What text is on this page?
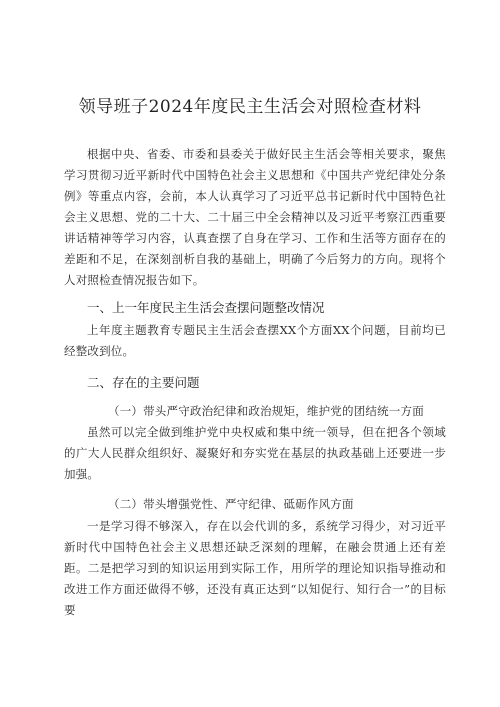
领导班子2024年度民主生活会对照检查材料

根据中央、省委、市委和县委关于做好民主生活会等相关要求，聚焦学习贯彻习近平新时代中国特色社会主义思想和《中国共产党纪律处分条例》等重点内容，会前，本人认真学习了习近平总书记新时代中国特色社会主义思想、党的二十大、二十届三中全会精神以及习近平考察江西重要讲话精神等学习内容，认真查摆了自身在学习、工作和生活等方面存在的差距和不足，在深刻剖析自我的基础上，明确了今后努力的方向。现将个人对照检查情况报告如下。

一、上一年度民主生活会查摆问题整改情况

上年度主题教育专题民主生活会查摆XX个方面XX个问题，目前均已经整改到位。

二、存在的主要问题

（一）带头严守政治纪律和政治规矩，维护党的团结统一方面

虽然可以完全做到维护党中央权威和集中统一领导，但在把各个领域的广大人民群众组织好、凝聚好和夯实党在基层的执政基础上还要进一步加强。

（二）带头增强党性、严守纪律、砥砺作风方面

一是学习得不够深入，存在以会代训的多，系统学习得少，对习近平新时代中国特色社会主义思想还缺乏深刻的理解，在融会贯通上还有差距。二是把学习到的知识运用到实际工作，用所学的理论知识指导推动和改进工作方面还做得不够，还没有真正达到“以知促行、知行合一”的目标要
